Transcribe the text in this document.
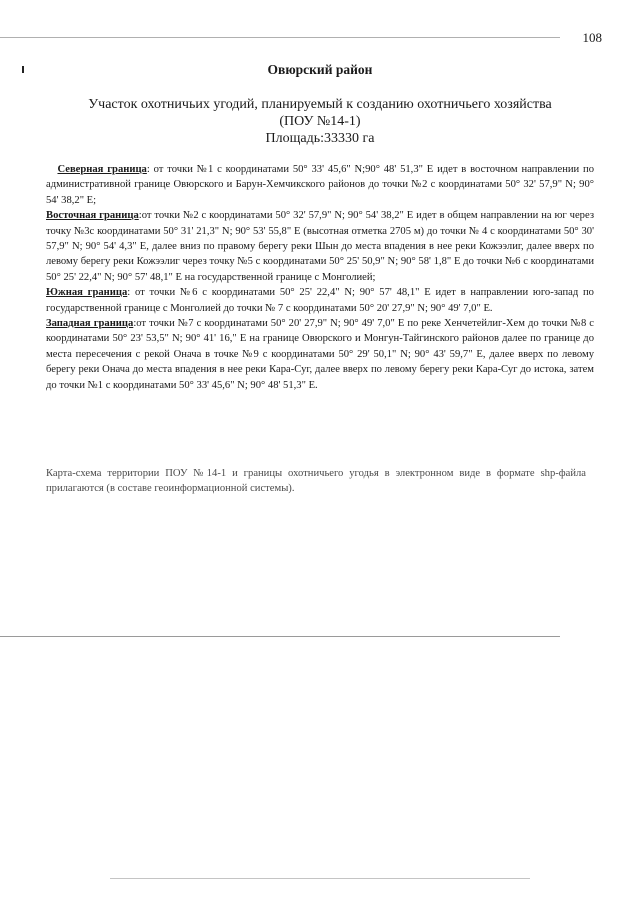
108
Овюрский район
Участок охотничьих угодий, планируемый к созданию охотничьего хозяйства
(ПОУ №14-1)
Площадь:33330 га

Северная граница: от точки №1 с координатами 50° 33' 45,6" N;90° 48' 51,3" E идет в восточном направлении по административной границе Овюрского и Барун-Хемчикского районов до точки №2 с координатами 50° 32' 57,9" N; 90° 54' 38,2" E;

Восточная граница:от точки №2 с координатами 50° 32' 57,9" N; 90° 54' 38,2" E идет в общем направлении на юг через точку №3с координатами 50° 31' 21,3" N; 90° 53' 55,8" E (высотная отметка 2705 м) до точки № 4 с координатами 50° 30' 57,9" N; 90° 54' 4,3" E, далее вниз по правому берегу реки Шын до места впадения в нее реки Кожээлиг, далее вверх по левому берегу реки Кожээлиг через точку №5 с координатами 50° 25' 50,9" N; 90° 58' 1,8" E до точки №6 с координатами 50° 25' 22,4" N; 90° 57' 48,1" E на государственной границе с Монголией;

Южная граница: от точки №6 с координатами 50° 25' 22,4" N; 90° 57' 48,1" E идет в направлении юго-запад по государственной границе с Монголией до точки № 7 с координатами 50° 20' 27,9" N; 90° 49' 7,0" E.

Западная граница:от точки №7 с координатами 50° 20' 27,9" N; 90° 49' 7,0" E по реке Хенчетейлиг-Хем до точки №8 с координатами 50° 23' 53,5" N; 90° 41' 16," E на границе Овюрского и Монгун-Тайгинского районов далее по границе до места пересечения с рекой Онача в точке №9 с координатами 50° 29' 50,1" N; 90° 43' 59,7" E, далее вверх по левому берегу реки Онача до места впадения в нее реки Кара-Суг, далее вверх по левому берегу реки Кара-Суг до истока, затем до точки №1 с координатами 50° 33' 45,6" N; 90° 48' 51,3" E.

Карта-схема территории ПОУ №14-1 и границы охотничьего угодья в электронном виде в формате shp-файла прилагаются (в составе геоинформационной системы).
